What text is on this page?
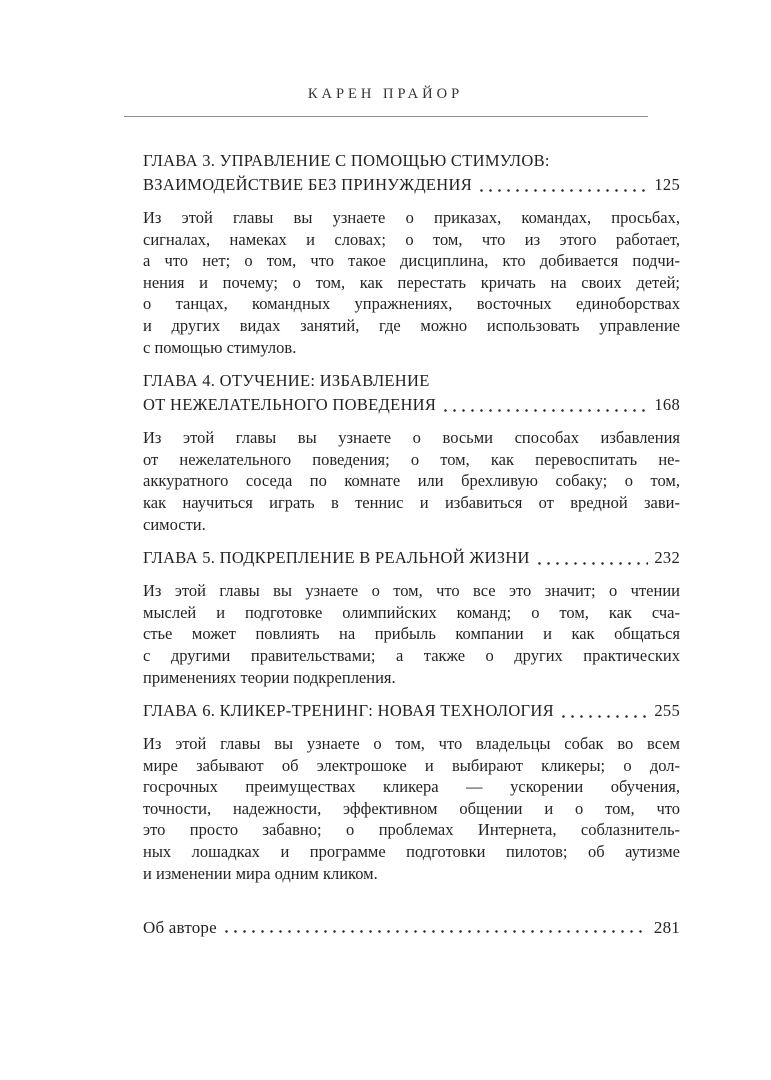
КАРЕН ПРАЙОР
ГЛАВА 3. УПРАВЛЕНИЕ С ПОМОЩЬЮ СТИМУЛОВ:
ВЗАИМОДЕЙСТВИЕ БЕЗ ПРИНУЖДЕНИЯ	125
Из этой главы вы узнаете о приказах, командах, просьбах,
сигналах, намеках и словах; о том, что из этого работает,
а что нет; о том, что такое дисциплина, кто добивается подчи-
нения и почему; о том, как перестать кричать на своих детей;
о танцах, командных упражнениях, восточных единоборствах
и других видах занятий, где можно использовать управление
с помощью стимулов.
ГЛАВА 4. ОТУЧЕНИЕ: ИЗБАВЛЕНИЕ
ОТ НЕЖЕЛАТЕЛЬНОГО ПОВЕДЕНИЯ	168
Из этой главы вы узнаете о восьми способах избавления
от нежелательного поведения; о том, как перевоспитать не-
аккуратного соседа по комнате или брехливую собаку; о том,
как научиться играть в теннис и избавиться от вредной зави-
симости.
ГЛАВА 5. ПОДКРЕПЛЕНИЕ В РЕАЛЬНОЙ ЖИЗНИ	232
Из этой главы вы узнаете о том, что все это значит; о чтении
мыслей и подготовке олимпийских команд; о том, как сча-
стье может повлиять на прибыль компании и как общаться
с другими правительствами; а также о других практических
применениях теории подкрепления.
ГЛАВА 6. КЛИКЕР-ТРЕНИНГ: НОВАЯ ТЕХНОЛОГИЯ	255
Из этой главы вы узнаете о том, что владельцы собак во всем
мире забывают об электрошоке и выбирают кликеры; о дол-
госрочных преимуществах кликера — ускорении обучения,
точности, надежности, эффективном общении и о том, что
это просто забавно; о проблемах Интернета, соблазнитель-
ных лошадках и программе подготовки пилотов; об аутизме
и изменении мира одним кликом.
Об авторе	281
